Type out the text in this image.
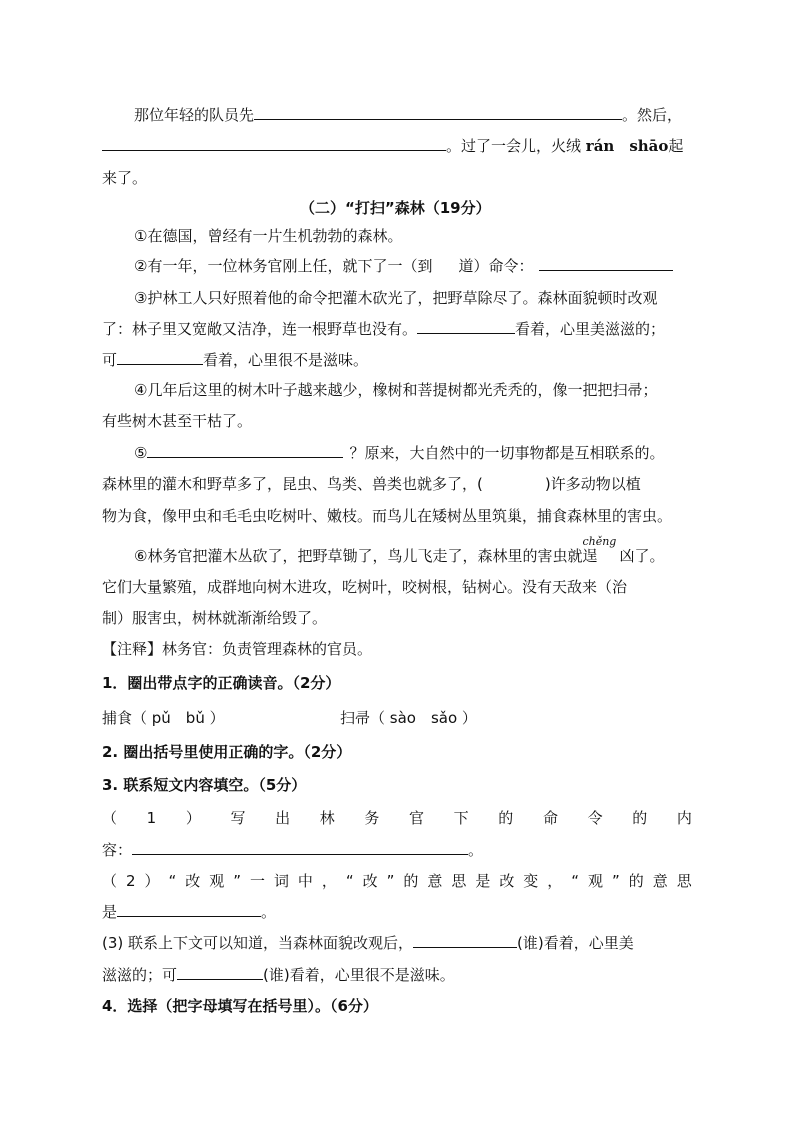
那位年轻的队员先	。然后，
。过了一会儿，火绒 rán　shāo起
来了。
（二）“打扫”森林（19分）
①在德国，曾经有一片生机勃勃的森林。
②有一年，一位林务官刚上任，就下了一（到 道）命令：
③护林工人只好照着他的命令把灌木砍光了，把野草除尽了。森林面貌顿时改观
了：林子里又宽敞又洁净，连一根野草也没有。	看着，心里美滋滋的；
可	看着，心里很不是滋味。
④几年后这里的树木叶子越来越少，橡树和菩提树都光秃秃的，像一把把扫帚；
有些树木甚至干枯了。
⑤	？原来，大自然中的一切事物都是互相联系的。
森林里的灌木和野草多了，昆虫、鸟类、兽类也就多了，(	)许多动物以植
物为食，像甲虫和毛毛虫吃树叶、嫩枝。而鸟儿在矮树丛里筑巢，捕食森林里的害虫。
⑥林务官把灌木丛砍了，把野草锄了，鸟儿飞走了，森林里的害虫就
chěng
逞 凶了。
它们大量繁殖，成群地向树木进攻，吃树叶，咬树根，钻树心。没有天敌来（治
制）服害虫，树林就渐渐给毁了。
【注释】林务官：负责管理森林的官员。
1．圈出带点字的正确读音。（2分）
捕食（ pǔ　bǔ ）	扫帚（ sào　sǎo ）
2. 圈出括号里使用正确的字。（2分）
3. 联系短文内容填空。（5分）
（ 1 ） 写 出 林 务 官 下 的 命 令 的 内
容：	。
（ 2 ） “ 改 观 ” 一 词 中 ， “ 改 ” 的 意 思 是 改 变 ， “ 观 ” 的 意 思
是	。
(3) 联系上下文可以知道，当森林面貌改观后，	(谁)看着，心里美
滋滋的；可	(谁)看着，心里很不是滋味。
4．选择（把字母填写在括号里）。（6分）
